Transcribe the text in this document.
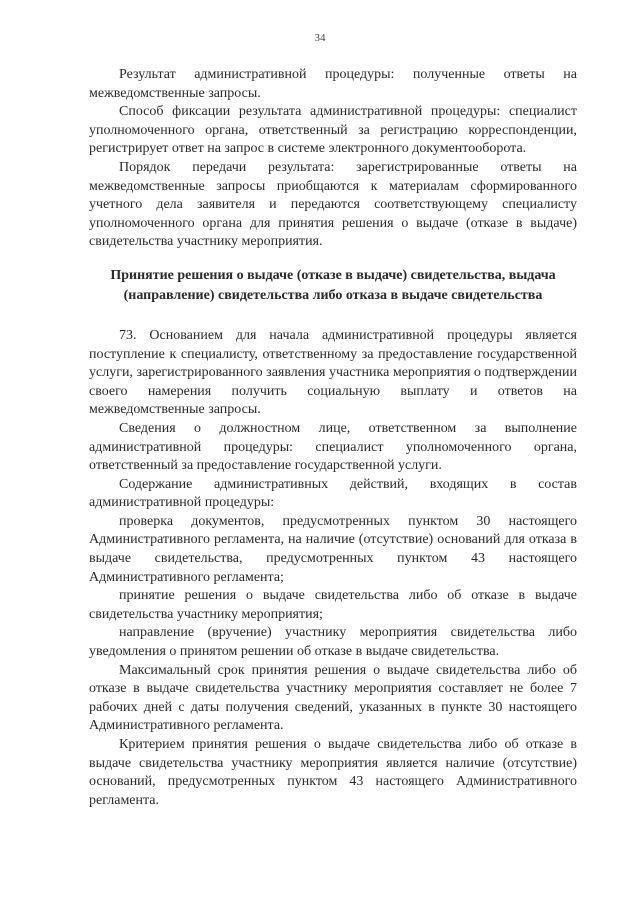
34

Результат административной процедуры: полученные ответы на межведомственные запросы.

Способ фиксации результата административной процедуры: специалист уполномоченного органа, ответственный за регистрацию корреспонденции, регистрирует ответ на запрос в системе электронного документооборота.

Порядок передачи результата: зарегистрированные ответы на межведомственные запросы приобщаются к материалам сформированного учетного дела заявителя и передаются соответствующему специалисту уполномоченного органа для принятия решения о выдаче (отказе в выдаче) свидетельства участнику мероприятия.

Принятие решения о выдаче (отказе в выдаче) свидетельства, выдача (направление) свидетельства либо отказа в выдаче свидетельства

73. Основанием для начала административной процедуры является поступление к специалисту, ответственному за предоставление государственной услуги, зарегистрированного заявления участника мероприятия о подтверждении своего намерения получить социальную выплату и ответов на межведомственные запросы.

Сведения о должностном лице, ответственном за выполнение административной процедуры: специалист уполномоченного органа, ответственный за предоставление государственной услуги.

Содержание административных действий, входящих в состав административной процедуры:

проверка документов, предусмотренных пунктом 30 настоящего Административного регламента, на наличие (отсутствие) оснований для отказа в выдаче свидетельства, предусмотренных пунктом 43 настоящего Административного регламента;

принятие решения о выдаче свидетельства либо об отказе в выдаче свидетельства участнику мероприятия;

направление (вручение) участнику мероприятия свидетельства либо уведомления о принятом решении об отказе в выдаче свидетельства.

Максимальный срок принятия решения о выдаче свидетельства либо об отказе в выдаче свидетельства участнику мероприятия составляет не более 7 рабочих дней с даты получения сведений, указанных в пункте 30 настоящего Административного регламента.

Критерием принятия решения о выдаче свидетельства либо об отказе в выдаче свидетельства участнику мероприятия является наличие (отсутствие) оснований, предусмотренных пунктом 43 настоящего Административного регламента.
